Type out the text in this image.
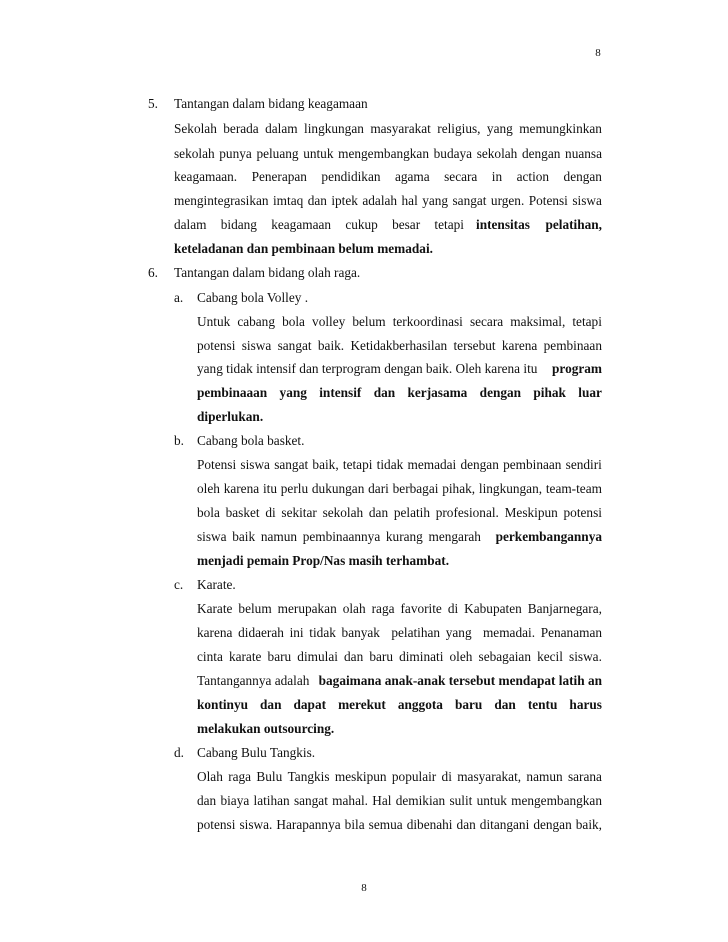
8
5. Tantangan dalam bidang keagamaan
Sekolah berada dalam lingkungan masyarakat religius, yang memungkinkan
sekolah punya peluang untuk mengembangkan budaya sekolah dengan nuansa
keagamaan. Penerapan pendidikan agama secara in action dengan
mengintegrasikan imtaq dan iptek adalah hal yang sangat urgen. Potensi siswa
dalam bidang keagamaan cukup besar tetapi intensitas pelatihan,
keteladanan dan pembinaan belum memadai.
6. Tantangan dalam bidang olah raga.
a. Cabang bola Volley .
Untuk cabang bola volley belum terkoordinasi secara maksimal, tetapi
potensi siswa sangat baik. Ketidakberhasilan tersebut karena pembinaan
yang tidak intensif dan terprogram dengan baik. Oleh karena itu program
pembinaaan yang intensif dan kerjasama dengan pihak luar
diperlukan.
b. Cabang bola basket.
Potensi siswa sangat baik, tetapi tidak memadai dengan pembinaan sendiri
oleh karena itu perlu dukungan dari berbagai pihak, lingkungan, team-team
bola basket di sekitar sekolah dan pelatih profesional. Meskipun potensi
siswa baik namun pembinaannya kurang mengarah perkembangannya
menjadi pemain Prop/Nas masih terhambat.
c. Karate.
Karate belum merupakan olah raga favorite di Kabupaten Banjarnegara,
karena didaerah ini tidak banyak  pelatihan yang  memadai. Penanaman
cinta karate baru dimulai dan baru diminati oleh sebagaian kecil siswa.
Tantangannya adalah bagaimana anak-anak tersebut mendapat latih an
kontinyu dan dapat merekut anggota baru dan tentu harus
melakukan outsourcing.
d. Cabang Bulu Tangkis.
Olah raga Bulu Tangkis meskipun populair di masyarakat, namun sarana
dan biaya latihan sangat mahal. Hal demikian sulit untuk mengembangkan
potensi siswa. Harapannya bila semua dibenahi dan ditangani dengan baik,
8
